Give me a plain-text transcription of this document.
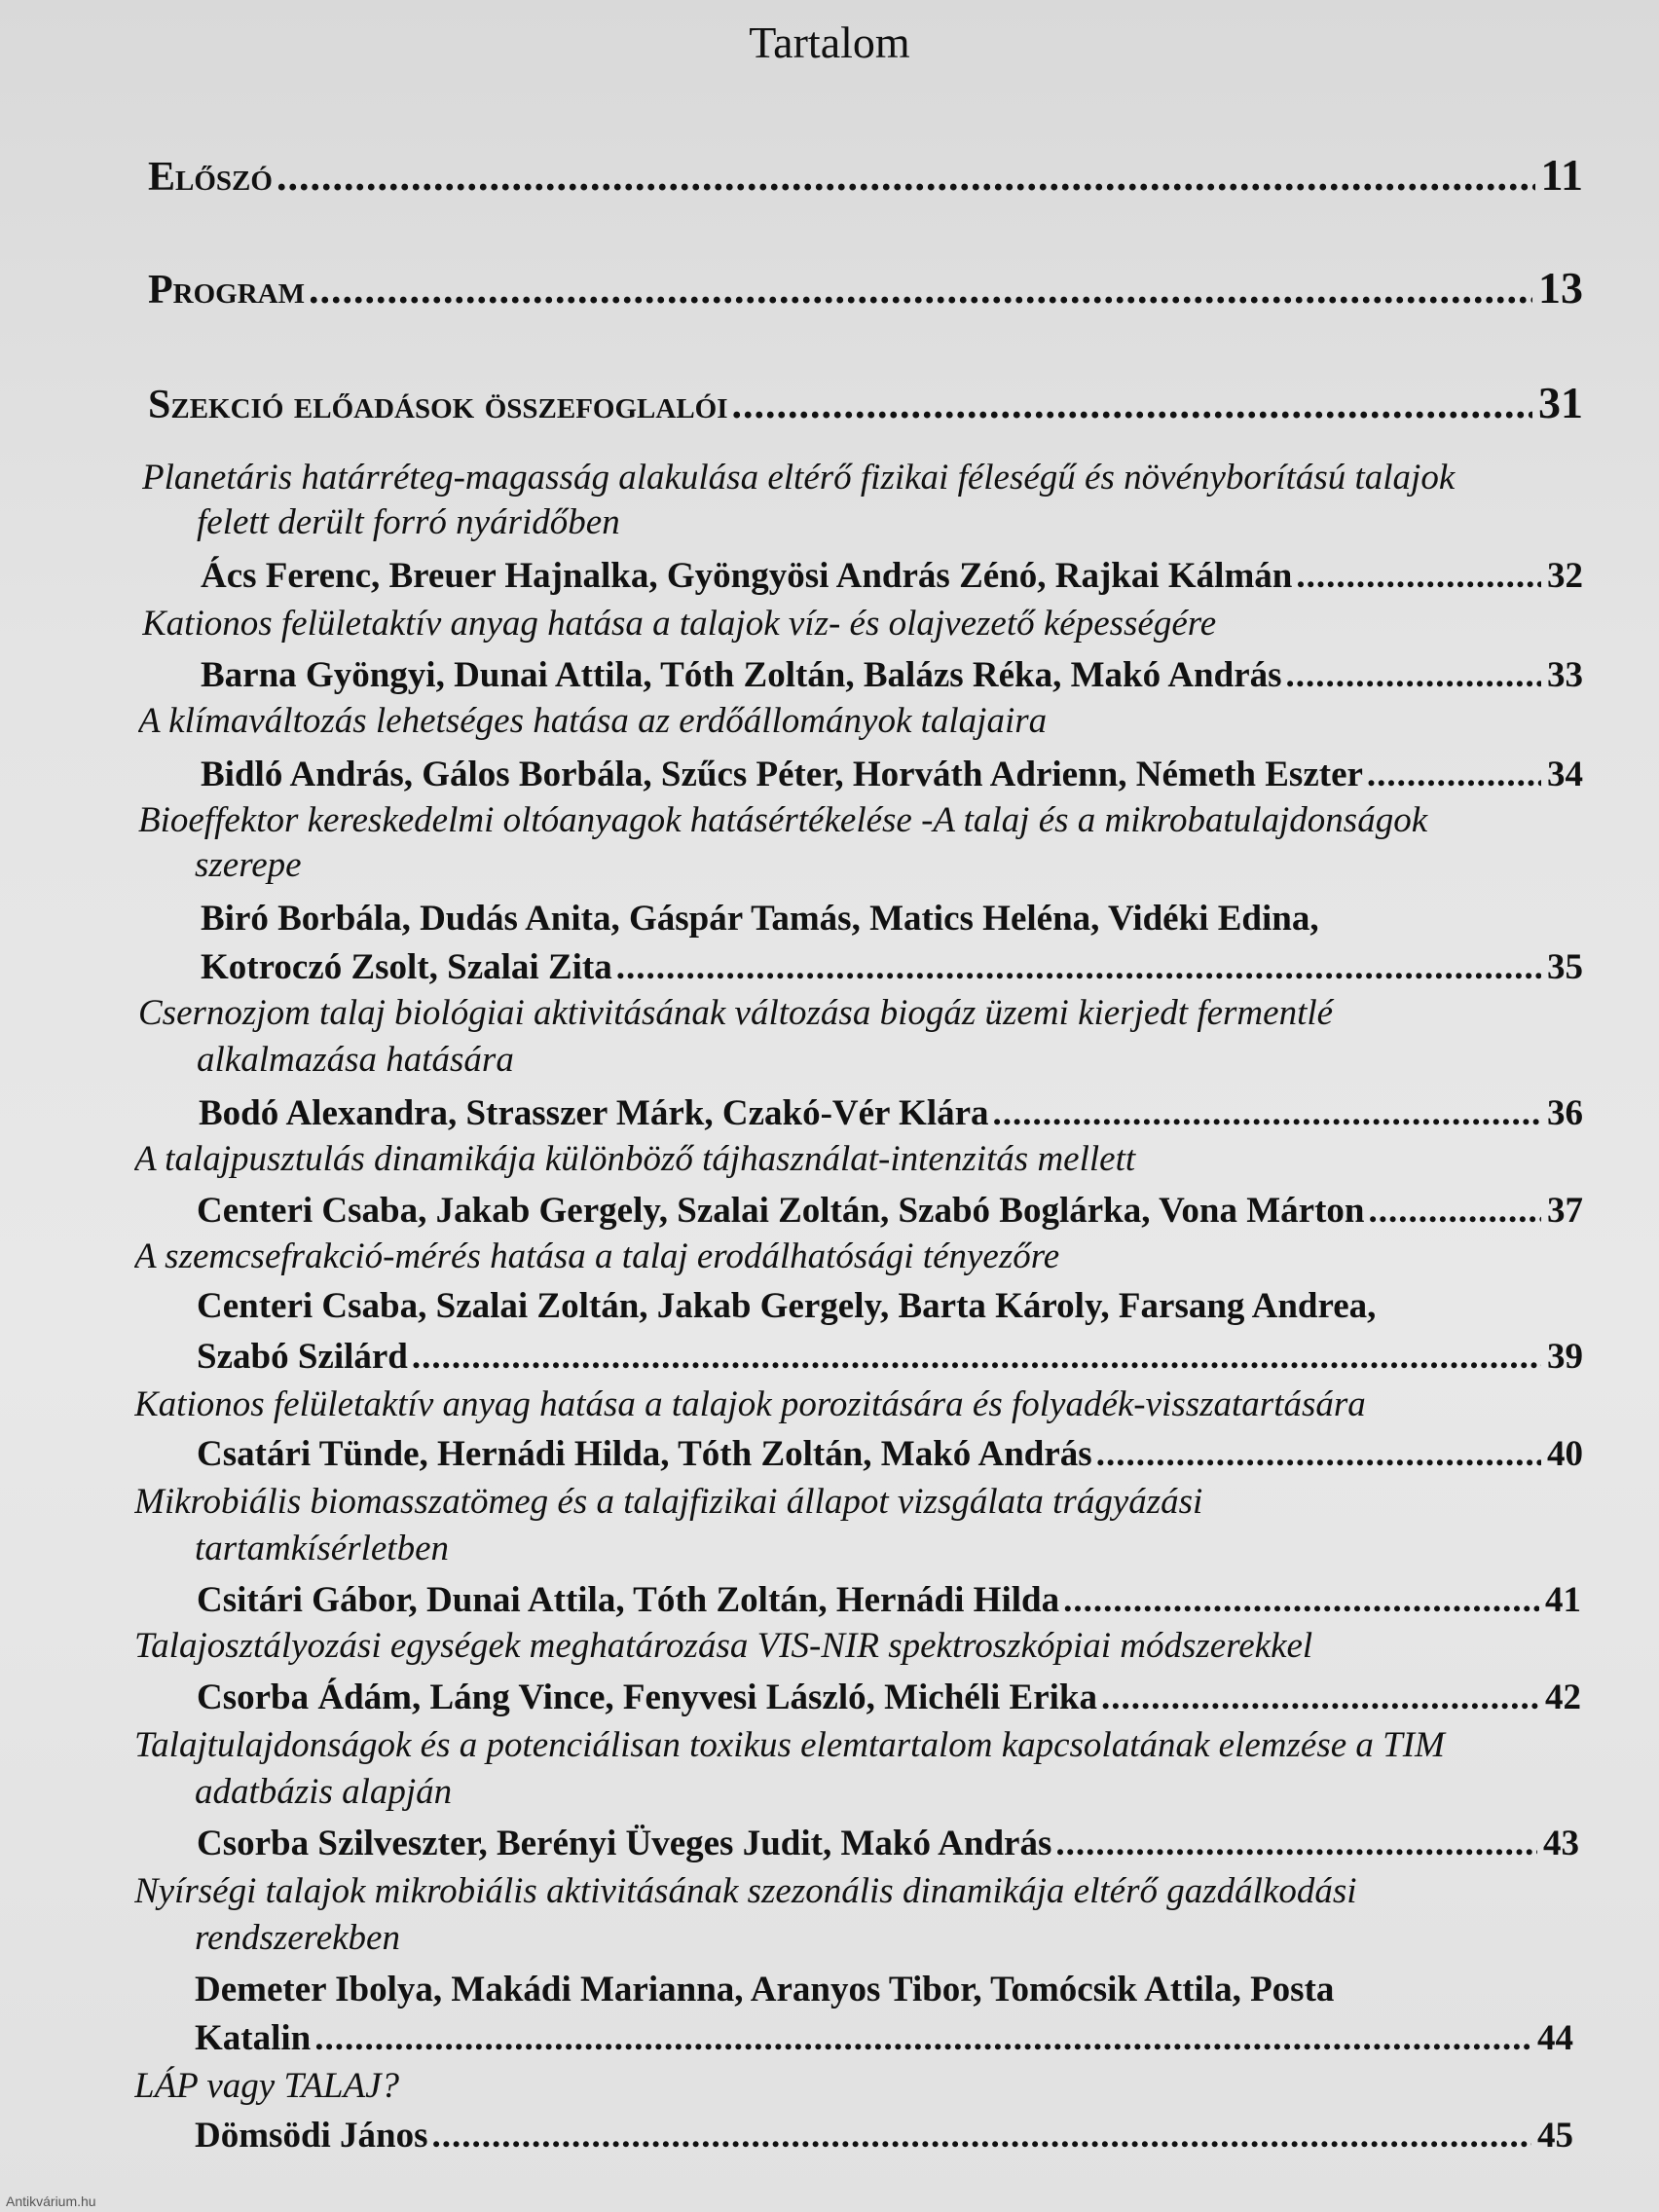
Tartalom
Előszó .....	11
Program .....	13
Szekció előadások összefoglalói .....	31
Planetáris határréteg-magasság alakulása eltérő fizikai féleségű és növényborítású talajok
felett derült forró nyáridőben
Ács Ferenc, Breuer Hajnalka, Gyöngyösi András Zénó, Rajkai Kálmán .....	32
Kationos felületaktív anyag hatása a talajok víz- és olajvezető képességére
Barna Gyöngyi, Dunai Attila, Tóth Zoltán, Balázs Réka, Makó András .....	33
A klímaváltozás lehetséges hatása az erdőállományok talajaira
Bidló András, Gálos Borbála, Szűcs Péter, Horváth Adrienn, Németh Eszter .....	34
Bioeffektor kereskedelmi oltóanyagok hatásértékelése -A talaj és a mikrobatulajdonságok
szerepe
Biró Borbála, Dudás Anita, Gáspár Tamás, Matics Heléna, Vidéki Edina,
Kotroczó Zsolt, Szalai Zita .....	35
Csernozjom talaj biológiai aktivitásának változása biogáz üzemi kierjedt fermentlé
alkalmazása hatására
Bodó Alexandra, Strasszer Márk, Czakó-Vér Klára .....	36
A talajpusztulás dinamikája különböző tájhasználat-intenzitás mellett
Centeri Csaba, Jakab Gergely, Szalai Zoltán, Szabó Boglárka, Vona Márton .....	37
A szemcsefrakció-mérés hatása a talaj erodálhatósági tényezőre
Centeri Csaba, Szalai Zoltán, Jakab Gergely, Barta Károly, Farsang Andrea,
Szabó Szilárd .....	39
Kationos felületaktív anyag hatása a talajok porozitására és folyadék-visszatartására
Csatári Tünde, Hernádi Hilda, Tóth Zoltán, Makó András .....	40
Mikrobiális biomasszatömeg és a talajfizikai állapot vizsgálata trágyázási
tartamkísérletben
Csitári Gábor, Dunai Attila, Tóth Zoltán, Hernádi Hilda .....	41
Talajosztályozási egységek meghatározása VIS-NIR spektroszkópiai módszerekkel
Csorba Ádám, Láng Vince, Fenyvesi László, Michéli Erika .....	42
Talajtulajdonságok és a potenciálisan toxikus elemtartalom kapcsolatának elemzése a TIM
adatbázis alapján
Csorba Szilveszter, Berényi Üveges Judit, Makó András .....	43
Nyírségi talajok mikrobiális aktivitásának szezonális dinamikája eltérő gazdálkodási
rendszerekben
Demeter Ibolya, Makádi Marianna, Aranyos Tibor, Tomócsik Attila, Posta
Katalin .....	44
LÁP vagy TALAJ?
Dömsödi János .....	45
Antikvárium.hu
